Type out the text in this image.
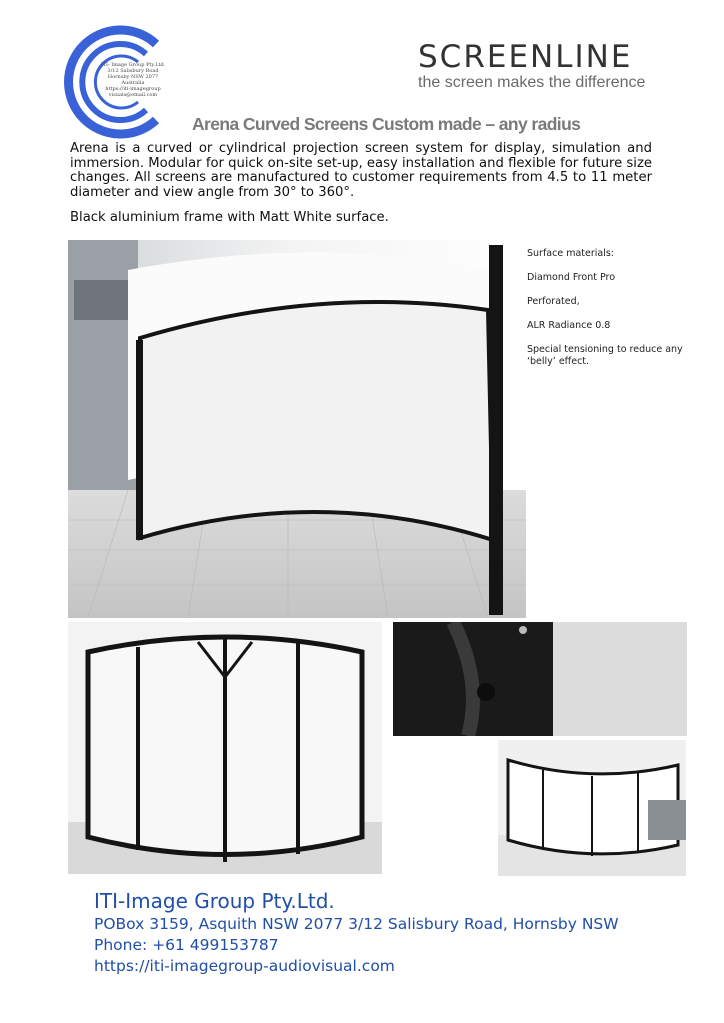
ITI- Image Group Pty.Ltd.
3/12 Salisbury Road
Hornsby NSW 2077
Australia
https://iti-imagegroup
visuals@email.com
SCREENLINE
the screen makes the difference
Arena Curved Screens Custom made – any radius
Arena is a curved or cylindrical projection screen system for display, simulation and immersion. Modular for quick on-site set-up, easy installation and flexible for future size changes. All screens are manufactured to customer requirements from 4.5 to 11 meter diameter and view angle from 30° to 360°.
Black aluminium frame with Matt White surface.
Surface materials:
Diamond Front Pro
Perforated,
ALR Radiance 0.8
Special tensioning to reduce any ‘belly’ effect.
ITI-Image Group Pty.Ltd.
POBox 3159, Asquith NSW 2077 3/12 Salisbury Road, Hornsby NSW
Phone: +61 499153787
https://iti-imagegroup-audiovisual.com
